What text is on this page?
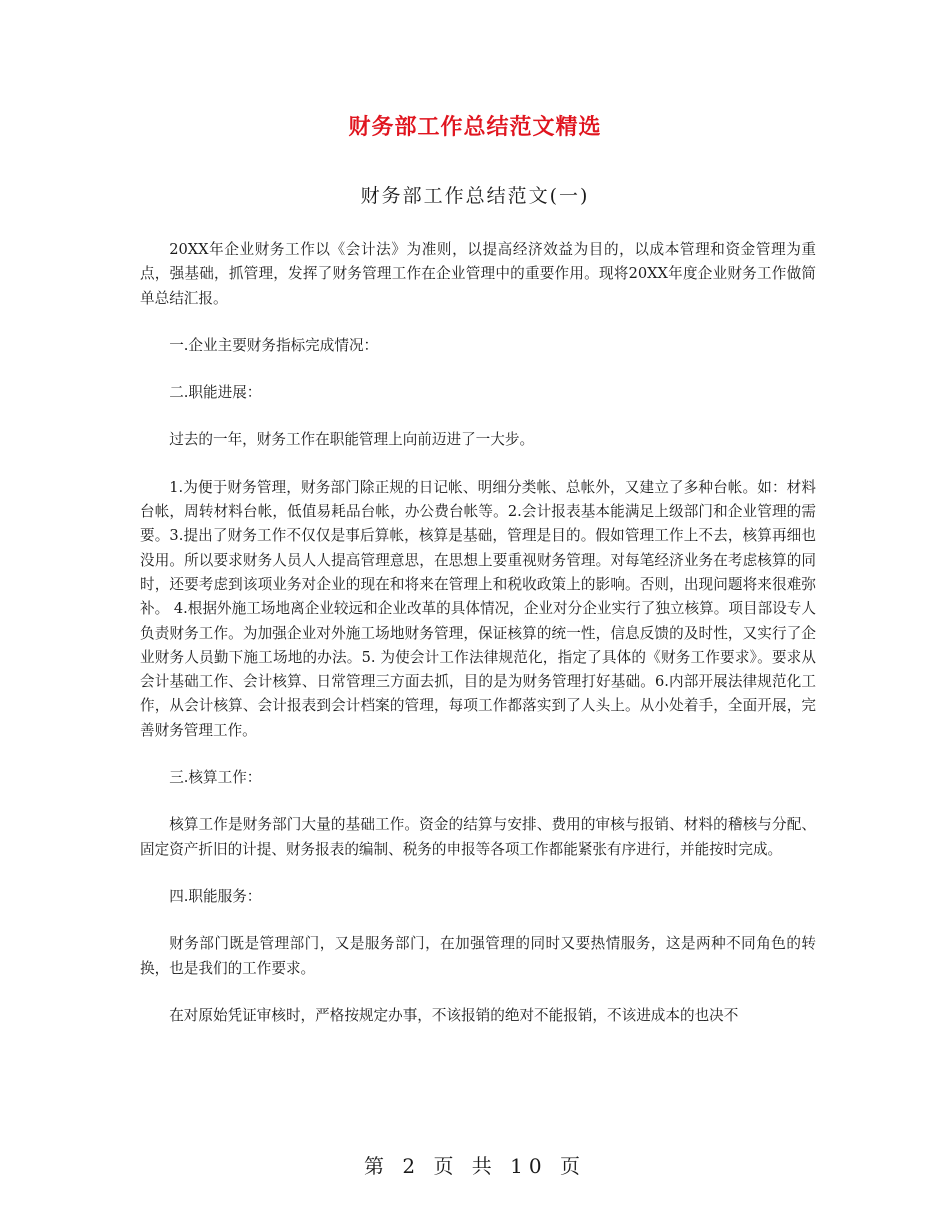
财务部工作总结范文精选
财务部工作总结范文(一)

20XX年企业财务工作以《会计法》为准则，以提高经济效益为目的，以成本管理和资金管理为重点，强基础，抓管理，发挥了财务管理工作在企业管理中的重要作用。现将20XX年度企业财务工作做简单总结汇报。

一.企业主要财务指标完成情况：

二.职能进展：

过去的一年，财务工作在职能管理上向前迈进了一大步。

1.为便于财务管理，财务部门除正规的日记帐、明细分类帐、总帐外，又建立了多种台帐。如：材料台帐，周转材料台帐，低值易耗品台帐，办公费台帐等。2.会计报表基本能满足上级部门和企业管理的需要。3.提出了财务工作不仅仅是事后算帐，核算是基础，管理是目的。假如管理工作上不去，核算再细也没用。所以要求财务人员人人提高管理意思，在思想上要重视财务管理。对每笔经济业务在考虑核算的同时，还要考虑到该项业务对企业的现在和将来在管理上和税收政策上的影响。否则，出现问题将来很难弥补。 4.根据外施工场地离企业较远和企业改革的具体情况，企业对分企业实行了独立核算。项目部设专人负责财务工作。为加强企业对外施工场地财务管理，保证核算的统一性，信息反馈的及时性，又实行了企业财务人员勤下施工场地的办法。5. 为使会计工作法律规范化，指定了具体的《财务工作要求》。要求从会计基础工作、会计核算、日常管理三方面去抓，目的是为财务管理打好基础。6.内部开展法律规范化工作，从会计核算、会计报表到会计档案的管理，每项工作都落实到了人头上。从小处着手，全面开展，完善财务管理工作。

三.核算工作：

核算工作是财务部门大量的基础工作。资金的结算与安排、费用的审核与报销、材料的稽核与分配、固定资产折旧的计提、财务报表的编制、税务的申报等各项工作都能紧张有序进行，并能按时完成。

四.职能服务：

财务部门既是管理部门，又是服务部门，在加强管理的同时又要热情服务，这是两种不同角色的转换，也是我们的工作要求。

在对原始凭证审核时，严格按规定办事，不该报销的绝对不能报销，不该进成本的也决不

第 2 页 共 10 页
